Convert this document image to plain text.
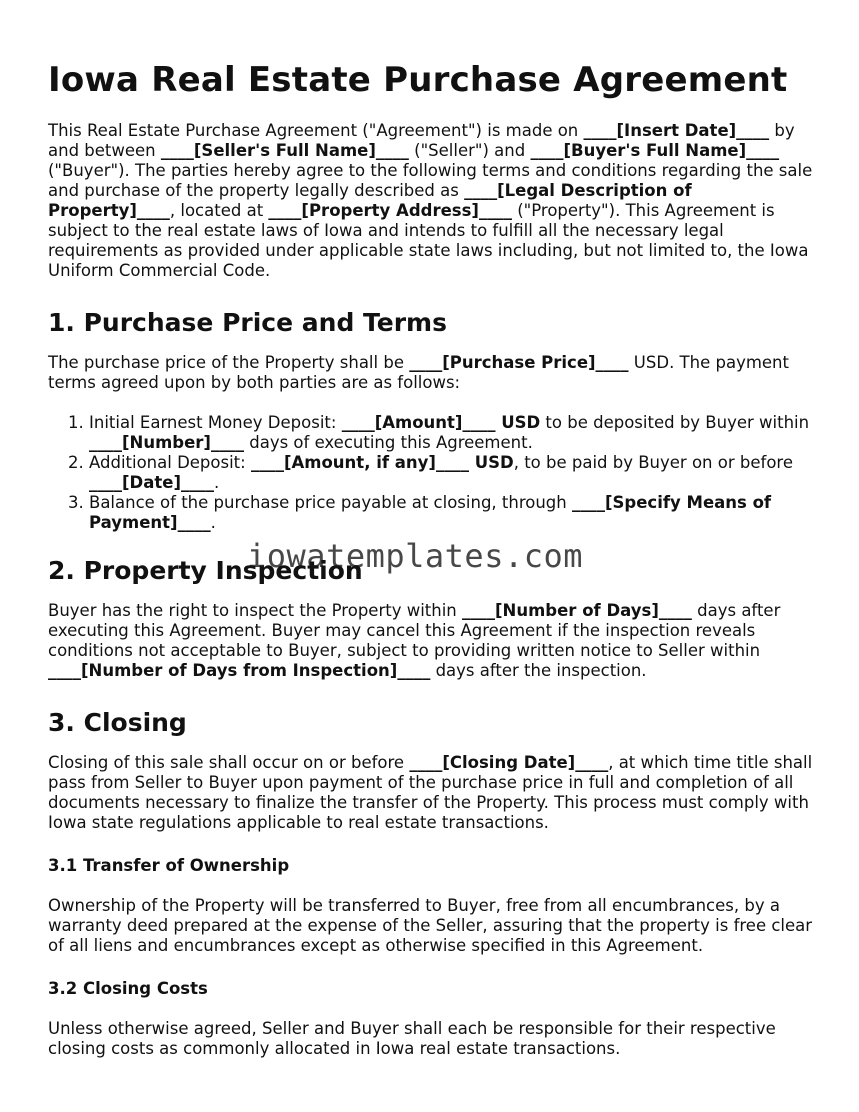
Iowa Real Estate Purchase Agreement

This Real Estate Purchase Agreement ("Agreement") is made on ____[Insert Date]____ by and between ____[Seller's Full Name]____ ("Seller") and ____[Buyer's Full Name]____ ("Buyer"). The parties hereby agree to the following terms and conditions regarding the sale and purchase of the property legally described as ____[Legal Description of Property]____, located at ____[Property Address]____ ("Property"). This Agreement is subject to the real estate laws of Iowa and intends to fulfill all the necessary legal requirements as provided under applicable state laws including, but not limited to, the Iowa Uniform Commercial Code.

1. Purchase Price and Terms

The purchase price of the Property shall be ____[Purchase Price]____ USD. The payment terms agreed upon by both parties are as follows:

1. Initial Earnest Money Deposit: ____[Amount]____ USD to be deposited by Buyer within ____[Number]____ days of executing this Agreement.
2. Additional Deposit: ____[Amount, if any]____ USD, to be paid by Buyer on or before ____[Date]____.
3. Balance of the purchase price payable at closing, through ____[Specify Means of Payment]____.
2. Property Inspection

Buyer has the right to inspect the Property within ____[Number of Days]____ days after executing this Agreement. Buyer may cancel this Agreement if the inspection reveals conditions not acceptable to Buyer, subject to providing written notice to Seller within ____[Number of Days from Inspection]____ days after the inspection.

3. Closing

Closing of this sale shall occur on or before ____[Closing Date]____, at which time title shall pass from Seller to Buyer upon payment of the purchase price in full and completion of all documents necessary to finalize the transfer of the Property. This process must comply with Iowa state regulations applicable to real estate transactions.

3.1 Transfer of Ownership

Ownership of the Property will be transferred to Buyer, free from all encumbrances, by a warranty deed prepared at the expense of the Seller, assuring that the property is free clear of all liens and encumbrances except as otherwise specified in this Agreement.

3.2 Closing Costs

Unless otherwise agreed, Seller and Buyer shall each be responsible for their respective closing costs as commonly allocated in Iowa real estate transactions.

iowatemplates.com
